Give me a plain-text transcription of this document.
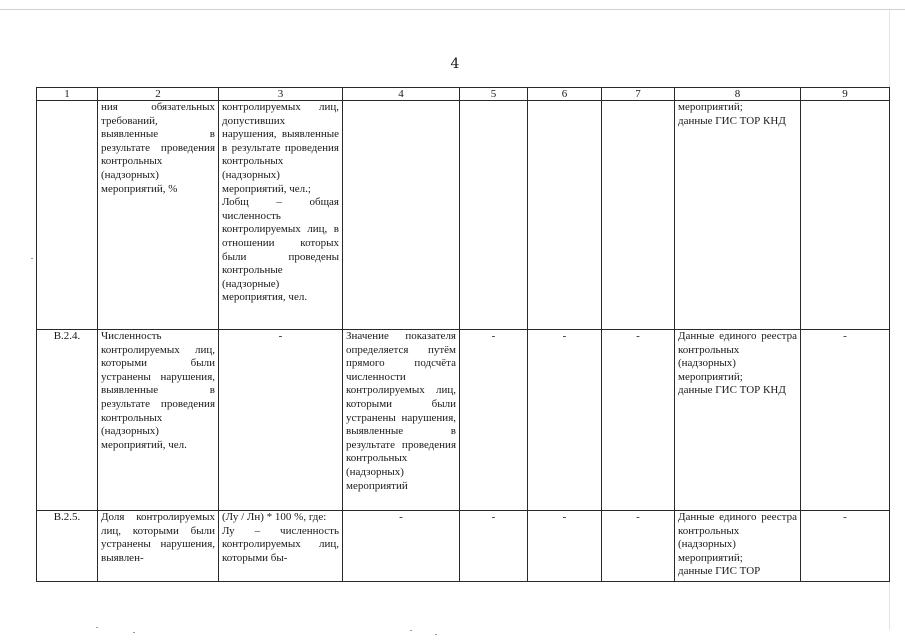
4
1	2	3	4	5	6	7	8	9
	ния обязательных требований, выявленные в результате проведения контрольных (надзорных) мероприятий, %	контролируемых лиц, допустивших нарушения, выявленные в результате проведения контрольных (надзорных) мероприятий, чел.;
Лобщ – общая численность контролируемых лиц, в отношении которых были проведены контрольные (надзорные) мероприятия, чел.					мероприятий;
данные ГИС ТОР КНД	
В.2.4.	Численность контролируемых лиц, которыми были устранены нарушения, выявленные в результате проведения контрольных (надзорных) мероприятий, чел.	-	Значение показателя определяется путём прямого подсчёта численности контролируемых лиц, которыми были устранены нарушения, выявленные в результате проведения контрольных (надзорных) мероприятий	-	-	-	Данные единого реестра контрольных (надзорных) мероприятий;
данные ГИС ТОР КНД	-
В.2.5.	Доля контролируемых лиц, которыми были устранены нарушения, выявлен-	(Лу / Лн) * 100 %, где:
Лу – численность контролируемых лиц, которыми бы-	-	-	-	-	Данные единого реестра контрольных (надзорных) мероприятий;
данные ГИС ТОР	-
